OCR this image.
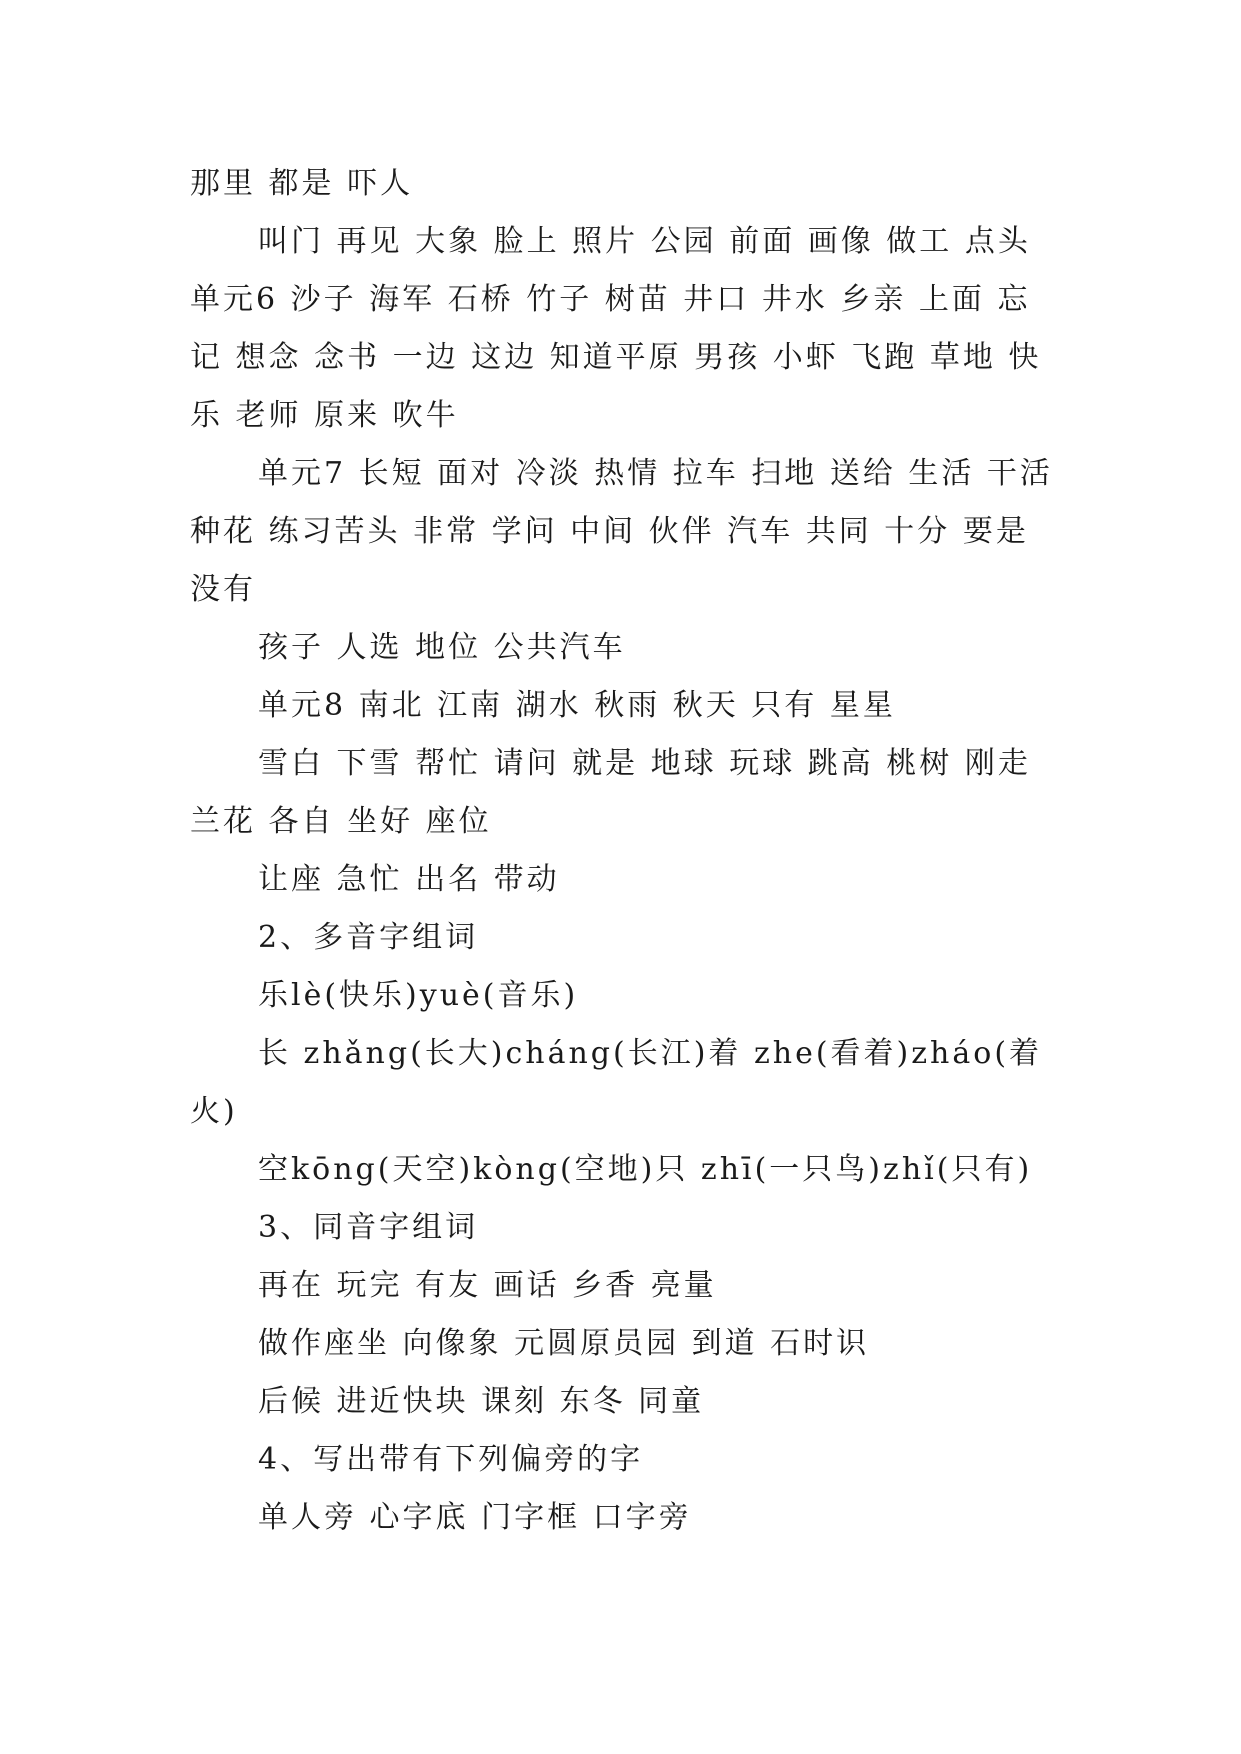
那里 都是 吓人

叫门 再见 大象 脸上 照片 公园 前面 画像 做工 点头 单元6 沙子 海军 石桥 竹子 树苗 井口 井水 乡亲 上面 忘记 想念 念书 一边 这边 知道平原 男孩 小虾 飞跑 草地 快乐 老师 原来 吹牛

单元7 长短 面对 冷淡 热情 拉车 扫地 送给 生活 干活 种花 练习苦头 非常 学问 中间 伙伴 汽车 共同 十分 要是 没有

孩子 人选 地位 公共汽车

单元8 南北 江南 湖水 秋雨 秋天 只有 星星

雪白 下雪 帮忙 请问 就是 地球 玩球 跳高 桃树 刚走 兰花 各自 坐好 座位

让座 急忙 出名 带动

2、多音字组词

乐lè(快乐)yuè(音乐)

长 zhǎng(长大)cháng(长江)着 zhe(看着)zháo(着火)

空kōng(天空)kòng(空地)只 zhī(一只鸟)zhǐ(只有)

3、同音字组词

再在 玩完 有友 画话 乡香 亮量

做作座坐 向像象 元圆原员园 到道 石时识

后候 进近快块 课刻 东冬 同童

4、写出带有下列偏旁的字

单人旁 心字底 门字框 口字旁
